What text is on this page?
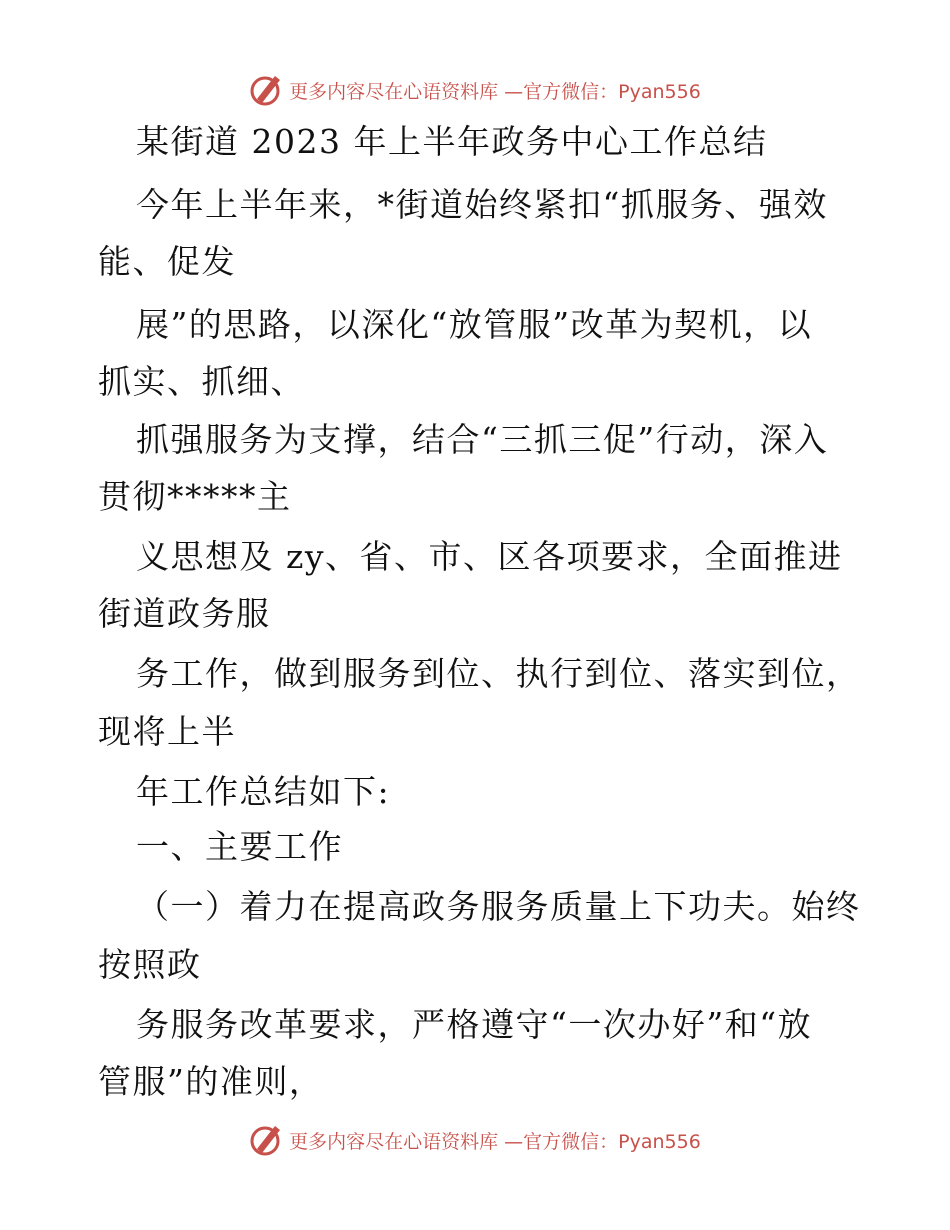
更多内容尽在心语资料库 —官方微信：Pyan556
某街道 2023 年上半年政务中心工作总结
今年上半年来，*街道始终紧扣“抓服务、强效
能、促发
展”的思路，以深化“放管服”改革为契机，以
抓实、抓细、
抓强服务为支撑，结合“三抓三促”行动，深入
贯彻*****主
义思想及 zy、省、市、区各项要求，全面推进
街道政务服
务工作，做到服务到位、执行到位、落实到位，
现将上半
年工作总结如下:
一、主要工作
（一）着力在提高政务服务质量上下功夫。始终
按照政
务服务改革要求，严格遵守“一次办好”和“放
管服”的准则，
更多内容尽在心语资料库 —官方微信：Pyan556
